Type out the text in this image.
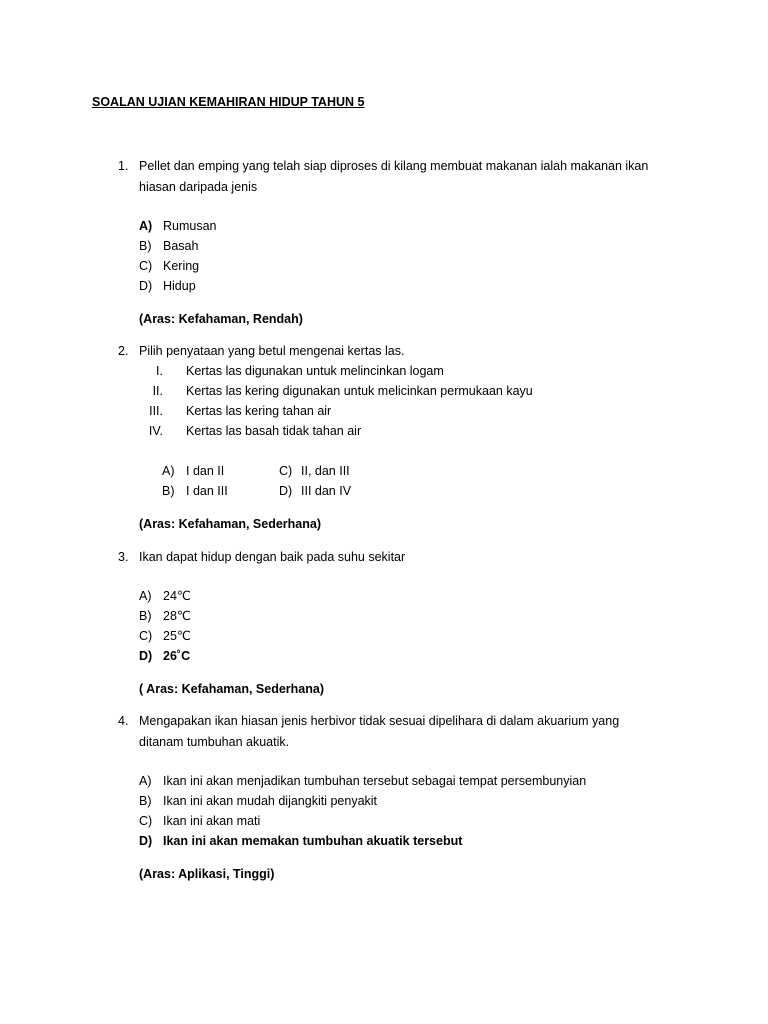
SOALAN UJIAN KEMAHIRAN HIDUP TAHUN 5
1. Pellet dan emping yang telah siap diproses di kilang membuat makanan ialah makanan ikan
hiasan daripada jenis
A) Rumusan
B) Basah
C) Kering
D) Hidup
(Aras: Kefahaman, Rendah)
2. Pilih penyataan yang betul mengenai kertas las.
I. Kertas las digunakan untuk melincinkan logam
II. Kertas las kering digunakan untuk melicinkan permukaan kayu
III. Kertas las kering tahan air
IV. Kertas las basah tidak tahan air
A) I dan II	C) II, dan III
B) I dan III	D) III dan IV
(Aras: Kefahaman, Sederhana)
3. Ikan dapat hidup dengan baik pada suhu sekitar
A) 24℃
B) 28℃
C) 25℃
D) 26˚C
( Aras: Kefahaman, Sederhana)
4. Mengapakan ikan hiasan jenis herbivor tidak sesuai dipelihara di dalam akuarium yang
ditanam tumbuhan akuatik.
A) Ikan ini akan menjadikan tumbuhan tersebut sebagai tempat persembunyian
B) Ikan ini akan mudah dijangkiti penyakit
C) Ikan ini akan mati
D) Ikan ini akan memakan tumbuhan akuatik tersebut
(Aras: Aplikasi, Tinggi)
